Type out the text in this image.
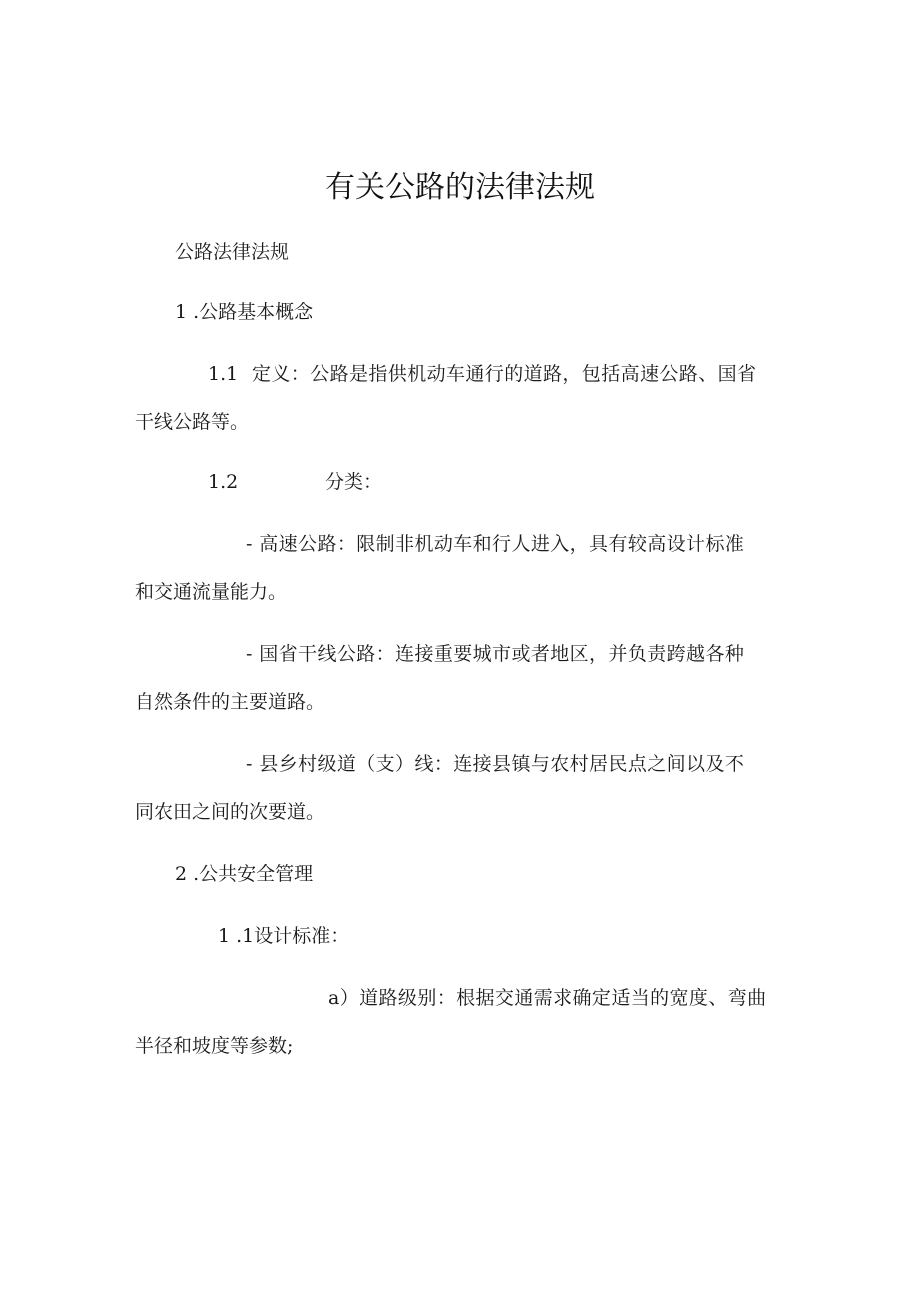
有关公路的法律法规

公路法律法规

1 .公路基本概念

1.1 定义：公路是指供机动车通行的道路，包括高速公路、国省

干线公路等。

1.2	分类：

- 高速公路：限制非机动车和行人进入，具有较高设计标准

和交通流量能力。

- 国省干线公路：连接重要城市或者地区，并负责跨越各种

自然条件的主要道路。

- 县乡村级道（支）线：连接县镇与农村居民点之间以及不

同农田之间的次要道。

2 .公共安全管理

1 .1设计标准：

a）道路级别：根据交通需求确定适当的宽度、弯曲

半径和坡度等参数;
